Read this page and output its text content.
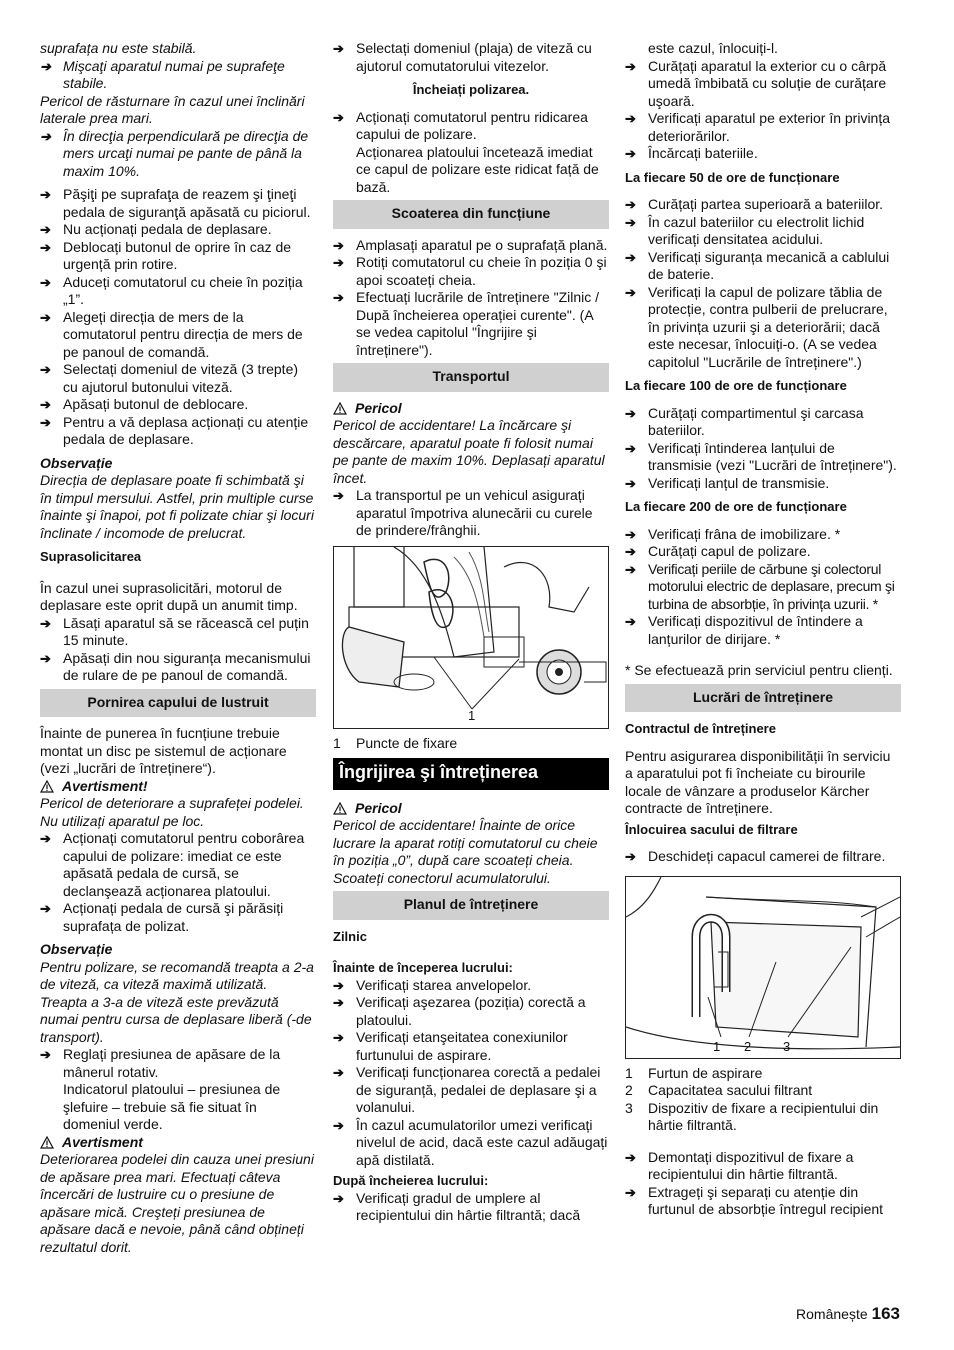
suprafața nu este stabilă.

➔ Mişcaţi aparatul numai pe suprafeţe stabile.

Pericol de răsturnare în cazul unei înclinări laterale prea mari.

➔ În direcţia perpendiculară pe direcţia de mers urcaţi numai pe pante de până la maxim 10%.

➔ Păşiţi pe suprafaţa de reazem şi ţineţi pedala de siguranţă apăsată cu piciorul.

➔ Nu acționați pedala de deplasare.

➔ Deblocați butonul de oprire în caz de urgență prin rotire.

➔ Aduceți comutatorul cu cheie în poziția „1”.

➔ Alegeți direcția de mers de la comutatorul pentru direcția de mers de pe panoul de comandă.

➔ Selectați domeniul de viteză (3 trepte) cu ajutorul butonului viteză.

➔ Apăsați butonul de deblocare.

➔ Pentru a vă deplasa acționați cu atenție pedala de deplasare.

Observație

Direcția de deplasare poate fi schimbată şi în timpul mersului. Astfel, prin multiple curse înainte şi înapoi, pot fi polizate chiar şi locuri înclinate / incomode de prelucrat.

Suprasolicitarea

În cazul unei suprasolicitări, motorul de deplasare este oprit după un anumit timp.

➔ Lăsați aparatul să se răcească cel puțin 15 minute.

➔ Apăsați din nou siguranța mecanismului de rulare de pe panoul de comandă.

Pornirea capului de lustruit

Înainte de punerea în fucnțiune trebuie montat un disc pe sistemul de acționare (vezi „lucrări de întreținere“).

Avertisment!

Pericol de deteriorare a suprafeței podelei. Nu utilizați aparatul pe loc.

➔ Acționați comutatorul pentru coborârea capului de polizare: imediat ce este apăsată pedala de cursă, se declanşează acționarea platoului.

➔ Acționați pedala de cursă şi părăsiți suprafața de polizat.

Observație

Pentru polizare, se recomandă treapta a 2-a de viteză, ca viteză maximă utilizată. Treapta a 3-a de viteză este prevăzută numai pentru cursa de deplasare liberă (-de transport).

➔ Reglați presiunea de apăsare de la mânerul rotativ.

Indicatorul platoului – presiunea de şlefuire – trebuie să fie situat în domeniul verde.

Avertisment

Deteriorarea podelei din cauza unei presiuni de apăsare prea mari. Efectuați câteva încercări de lustruire cu o presiune de apăsare mică. Creşteți presiunea de apăsare dacă e nevoie, până când obțineți rezultatul dorit.

➔ Selectați domeniul (plaja) de viteză cu ajutorul comutatorului vitezelor.

Încheiați polizarea.

➔ Acționați comutatorul pentru ridicarea capului de polizare.

Acționarea platoului încetează imediat ce capul de polizare este ridicat față de bază.

Scoaterea din funcțiune

➔ Amplasați aparatul pe o suprafață plană.

➔ Rotiți comutatorul cu cheie în poziția 0 şi apoi scoateți cheia.

➔ Efectuați lucrările de întreținere "Zilnic / După încheierea operației curente". (A se vedea capitolul "Îngrijire şi întreținere").

Transportul
Pericol

Pericol de accidentare! La încărcare şi descărcare, aparatul poate fi folosit numai pe pante de maxim 10%. Deplasați aparatul încet.

➔ La transportul pe un vehicul asigurați aparatul împotriva alunecării cu curele de prindere/frânghii.

1
1	Puncte de fixare
Îngrijirea şi întreținerea
Pericol

Pericol de accidentare! Înainte de orice lucrare la aparat rotiți comutatorul cu cheie în poziția „0”, după care scoateți cheia. Scoateți conectorul acumulatorului.

Planul de întreținere

Zilnic

Înainte de începerea lucrului:

➔ Verificați starea anvelopelor.

➔ Verificați aşezarea (poziția) corectă a platoului.

➔ Verificați etanşeitatea conexiunilor furtunului de aspirare.

➔ Verificați funcționarea corectă a pedalei de siguranță, pedalei de deplasare şi a volanului.

➔ În cazul acumulatorilor umezi verificați nivelul de acid, dacă este cazul adăugați apă distilată.

După încheierea lucrului:

➔ Verificați gradul de umplere al recipientului din hârtie filtrantă; dacă

este cazul, înlocuiți-l.

➔ Curățați aparatul la exterior cu o cârpă umedă îmbibată cu soluție de curățare uşoară.

➔ Verificați aparatul pe exterior în privința deteriorărilor.

➔ Încărcați bateriile.

La fiecare 50 de ore de funcționare

➔ Curățați partea superioară a bateriilor.

➔ În cazul bateriilor cu electrolit lichid verificați densitatea acidului.

➔ Verificați siguranța mecanică a cablului de baterie.

➔ Verificați la capul de polizare tăblia de protecție, contra pulberii de prelucrare, în privința uzurii şi a deteriorării; dacă este necesar, înlocuiți-o. (A se vedea capitolul "Lucrările de întreținere".)

La fiecare 100 de ore de funcționare

➔ Curățați compartimentul şi carcasa bateriilor.

➔ Verificați întinderea lanțului de transmisie (vezi "Lucrări de întreținere").

➔ Verificați lanțul de transmisie.

La fiecare 200 de ore de funcționare

➔ Verificați frâna de imobilizare. *

➔ Curățați capul de polizare.

➔ Verificați periile de cărbune şi colectorul motorului electric de deplasare, precum şi turbina de absorbție, în privința uzurii. *

➔ Verificați dispozitivul de întindere a lanțurilor de dirijare. *

* Se efectuează prin serviciul pentru clienți.

Lucrări de întreținere

Contractul de întreținere

Pentru asigurarea disponibilității în serviciu a aparatului pot fi încheiate cu birourile locale de vânzare a produselor Kärcher contracte de întreținere.

Înlocuirea sacului de filtrare

➔ Deschideți capacul camerei de filtrare.

1 2 3
1	Furtun de aspirare
2	Capacitatea sacului filtrant
3	Dispozitiv de fixare a recipientului din hârtie filtrantă.

➔ Demontați dispozitivul de fixare a recipientului din hârtie filtrantă.

➔ Extrageți şi separați cu atenție din furtunul de absorbție întregul recipient

Românește 163
